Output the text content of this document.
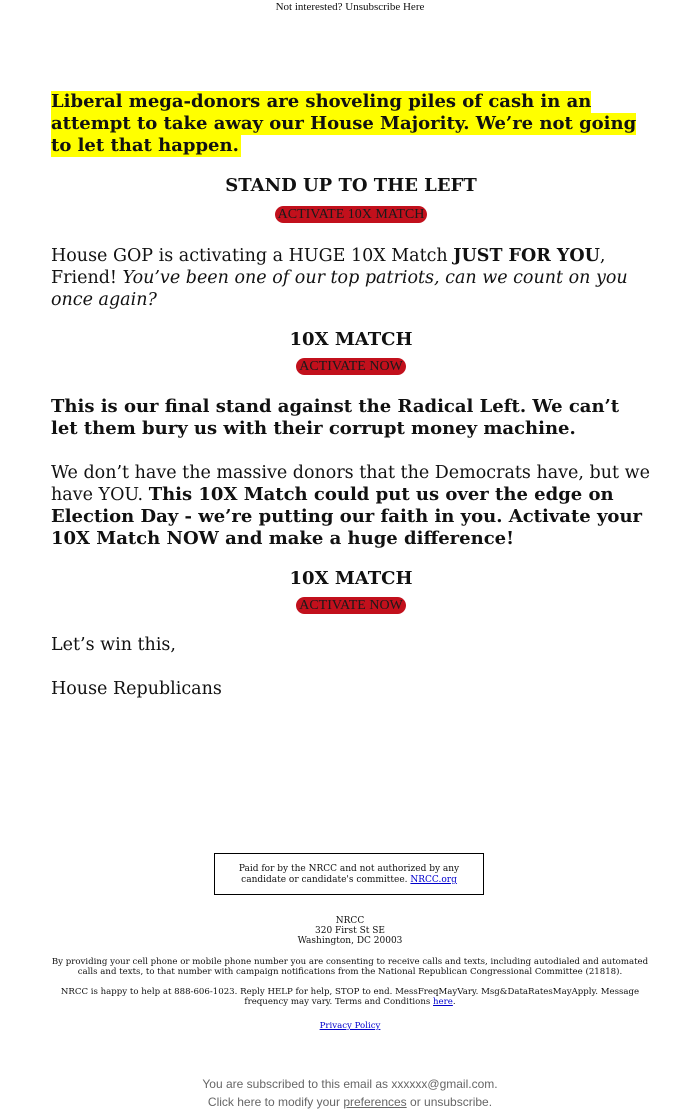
Not interested? Unsubscribe Here

Liberal mega-donors are shoveling piles of cash in an attempt to take away our House Majority. We’re not going to let that happen.

STAND UP TO THE LEFT

ACTIVATE 10X MATCH

House GOP is activating a HUGE 10X Match JUST FOR YOU, Friend! You’ve been one of our top patriots, can we count on you once again?

10X MATCH

ACTIVATE NOW

This is our final stand against the Radical Left. We can’t let them bury us with their corrupt money machine.

We don’t have the massive donors that the Democrats have, but we have YOU. This 10X Match could put us over the edge on Election Day - we’re putting our faith in you. Activate your 10X Match NOW and make a huge difference!

10X MATCH

ACTIVATE NOW

Let’s win this,

House Republicans

Paid for by the NRCC and not authorized by any candidate or candidate's committee. NRCC.org
NRCC
320 First St SE
Washington, DC 20003

By providing your cell phone or mobile phone number you are consenting to receive calls and texts, including autodialed and automated calls and texts, to that number with campaign notifications from the National Republican Congressional Committee (21818).

NRCC is happy to help at 888-606-1023. Reply HELP for help, STOP to end. MessFreqMayVary. Msg&DataRatesMayApply. Message frequency may vary. Terms and Conditions here.

Privacy Policy

You are subscribed to this email as xxxxxx@gmail.com.
Click here to modify your preferences or unsubscribe.
